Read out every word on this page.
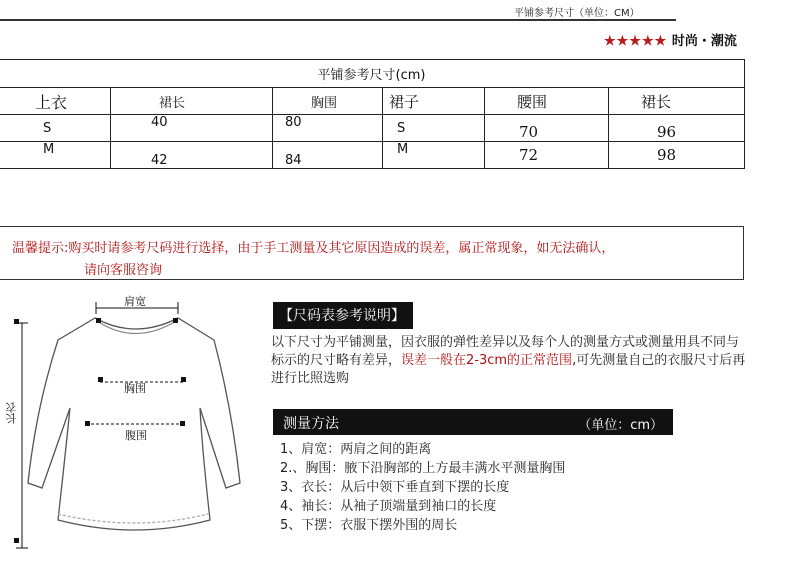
平铺参考尺寸（单位：CM）
★★★★★ 时尚・潮流
平铺参考尺寸(cm)					
上衣	裙长	胸围	裙子	腰围	裙长
S	40	80	S	70	96
M	42	84	M	72	98
温馨提示:购买时请参考尺码进行选择，由于手工测量及其它原因造成的误差，属正常现象，如无法确认，
请向客服咨询
肩宽
胸围
腹围
长衣
【尺码表参考说明】
以下尺寸为平铺测量，因衣服的弹性差异以及每个人的测量方式或测量用具不同与标示的尺寸略有差异，误差一般在2-3cm的正常范围,可先测量自己的衣服尺寸后再进行比照选购
测量方法	（单位：cm）
1、肩宽：两肩之间的距离
2.、胸围：腋下沿胸部的上方最丰满水平测量胸围
3、衣长：从后中领下垂直到下摆的长度
4、袖长：从袖子顶端量到袖口的长度
5、下摆：衣服下摆外围的周长
